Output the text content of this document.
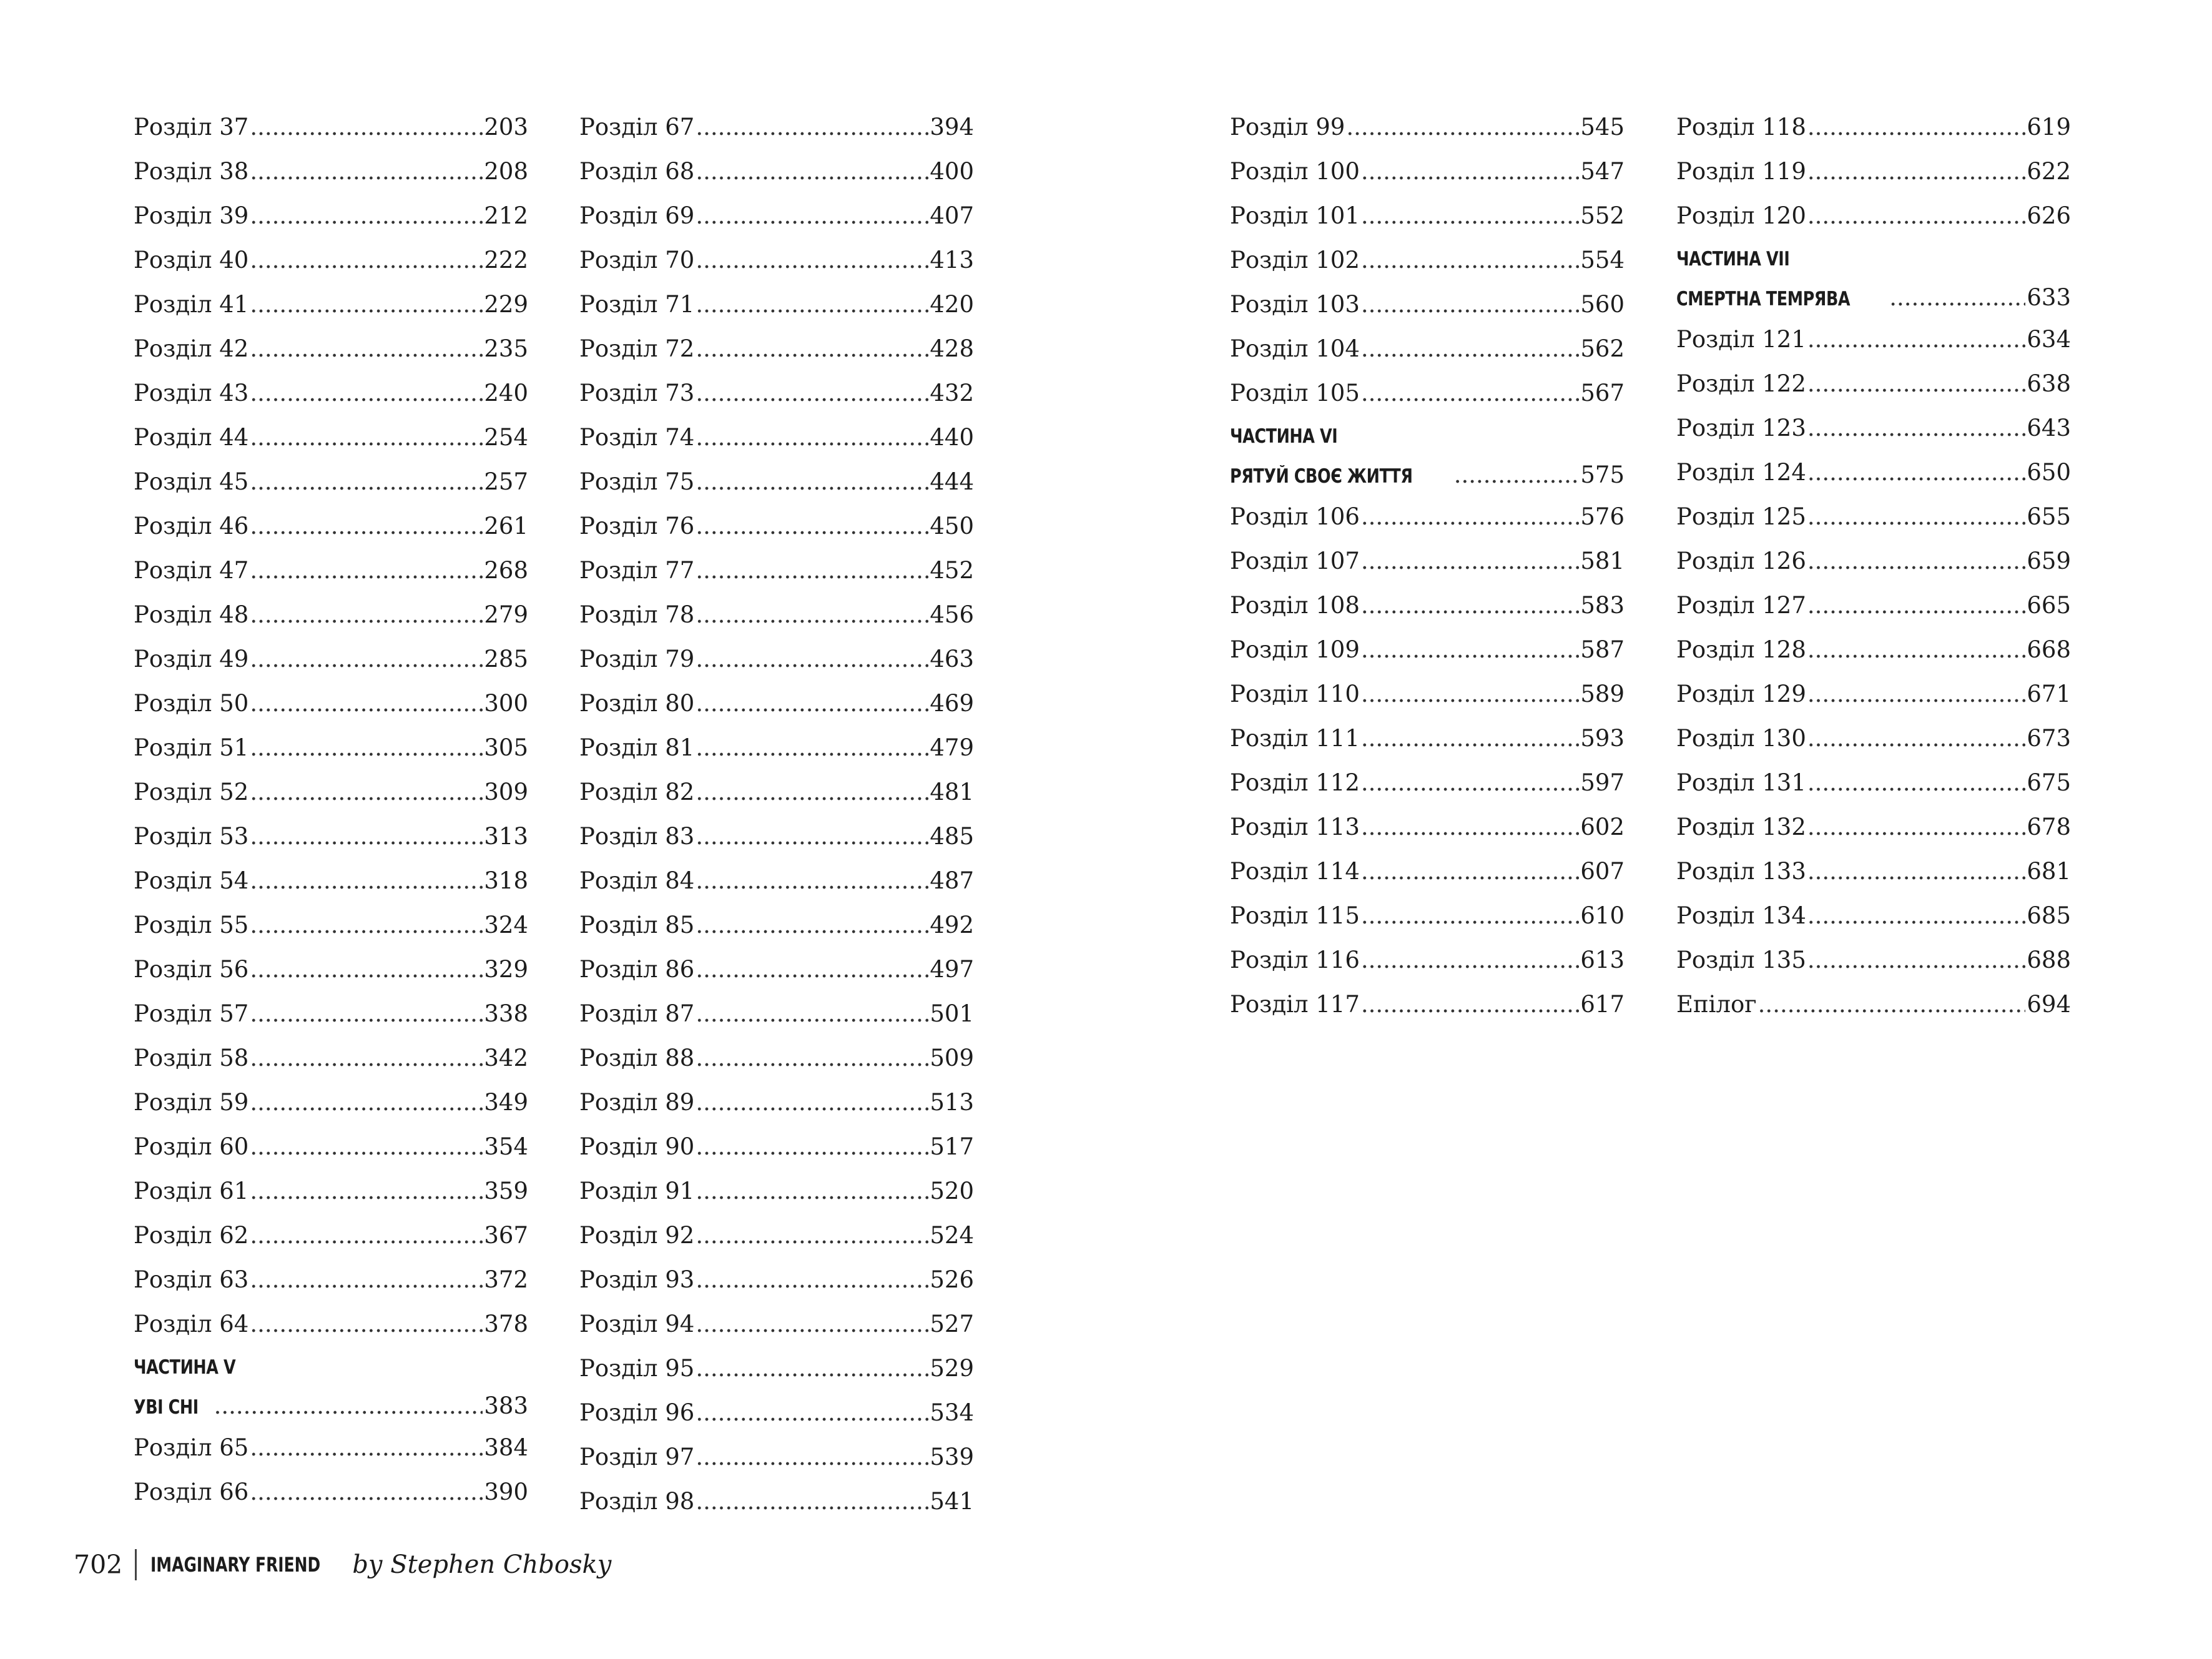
Розділ 37 .....	203
Розділ 38 .....	208
Розділ 39 .....	212
Розділ 40 .....	222
Розділ 41 .....	229
Розділ 42 .....	235
Розділ 43 .....	240
Розділ 44 .....	254
Розділ 45 .....	257
Розділ 46 .....	261
Розділ 47 .....	268
Розділ 48 .....	279
Розділ 49 .....	285
Розділ 50 .....	300
Розділ 51 .....	305
Розділ 52 .....	309
Розділ 53 .....	313
Розділ 54 .....	318
Розділ 55 .....	324
Розділ 56 .....	329
Розділ 57 .....	338
Розділ 58 .....	342
Розділ 59 .....	349
Розділ 60 .....	354
Розділ 61 .....	359
Розділ 62 .....	367
Розділ 63 .....	372
Розділ 64 .....	378
ЧАСТИНА V
УВІ СНІ .....	383
Розділ 65 .....	384
Розділ 66 .....	390
Розділ 67 .....	394
Розділ 68 .....	400
Розділ 69 .....	407
Розділ 70 .....	413
Розділ 71 .....	420
Розділ 72 .....	428
Розділ 73 .....	432
Розділ 74 .....	440
Розділ 75 .....	444
Розділ 76 .....	450
Розділ 77 .....	452
Розділ 78 .....	456
Розділ 79 .....	463
Розділ 80 .....	469
Розділ 81 .....	479
Розділ 82 .....	481
Розділ 83 .....	485
Розділ 84 .....	487
Розділ 85 .....	492
Розділ 86 .....	497
Розділ 87 .....	501
Розділ 88 .....	509
Розділ 89 .....	513
Розділ 90 .....	517
Розділ 91 .....	520
Розділ 92 .....	524
Розділ 93 .....	526
Розділ 94 .....	527
Розділ 95 .....	529
Розділ 96 .....	534
Розділ 97 .....	539
Розділ 98 .....	541
Розділ 99 .....	545
Розділ 100 .....	547
Розділ 101 .....	552
Розділ 102 .....	554
Розділ 103 .....	560
Розділ 104 .....	562
Розділ 105 .....	567
ЧАСТИНА VI
РЯТУЙ СВОЄ ЖИТТЯ .....	575
Розділ 106 .....	576
Розділ 107 .....	581
Розділ 108 .....	583
Розділ 109 .....	587
Розділ 110 .....	589
Розділ 111 .....	593
Розділ 112 .....	597
Розділ 113 .....	602
Розділ 114 .....	607
Розділ 115 .....	610
Розділ 116 .....	613
Розділ 117 .....	617
Розділ 118 .....	619
Розділ 119 .....	622
Розділ 120 .....	626
ЧАСТИНА VII
СМЕРТНА ТЕМРЯВА .....	633
Розділ 121 .....	634
Розділ 122 .....	638
Розділ 123 .....	643
Розділ 124 .....	650
Розділ 125 .....	655
Розділ 126 .....	659
Розділ 127 .....	665
Розділ 128 .....	668
Розділ 129 .....	671
Розділ 130 .....	673
Розділ 131 .....	675
Розділ 132 .....	678
Розділ 133 .....	681
Розділ 134 .....	685
Розділ 135 .....	688
Епілог .....	694
702 IMAGINARY FRIEND by Stephen Chbosky
